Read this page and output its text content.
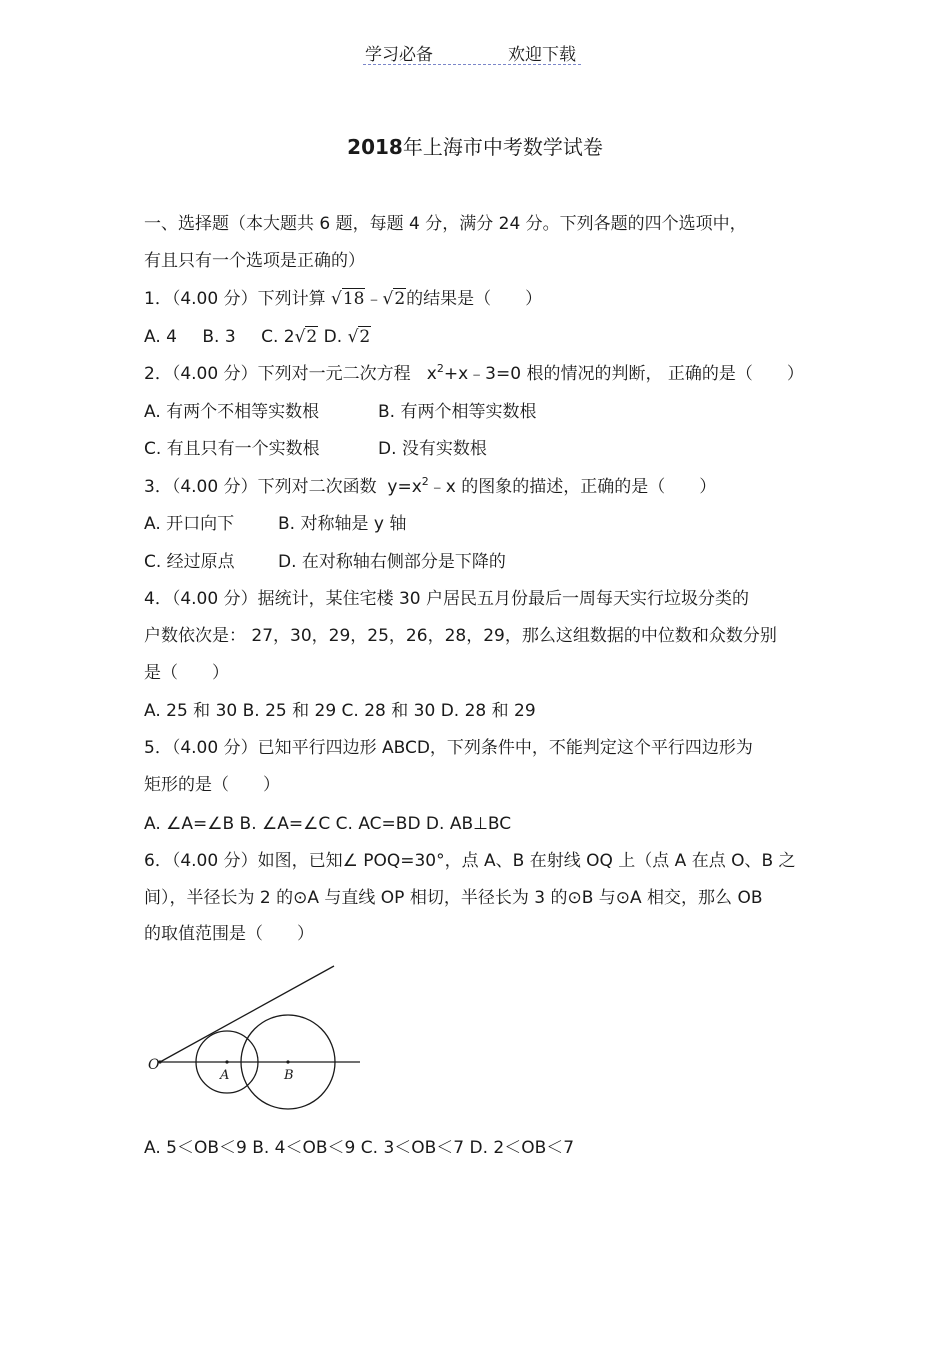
学习必备	欢迎下载
2018年上海市中考数学试卷
一、选择题（本大题共 6 题，每题 4 分，满分 24 分。下列各题的四个选项中，
有且只有一个选项是正确的）
1．（4.00 分）下列计算 √18﹣√2的结果是（　　）
A. 4 B. 3 C. 2√2 D. √2
2．（4.00 分）下列对一元二次方程 $x^2+x﹣3=0$ 根的情况的判断， 正确的是（　　）
A. 有两个不相等实数根	B. 有两个相等实数根
C. 有且只有一个实数根	D. 没有实数根
3．（4.00 分）下列对二次函数 $y=x^2﹣x$ 的图象的描述，正确的是（　　）
A. 开口向下	B. 对称轴是 y 轴
C. 经过原点	D. 在对称轴右侧部分是下降的
4．（4.00 分）据统计，某住宅楼 30 户居民五月份最后一周每天实行垃圾分类的
户数依次是： 27，30，29，25，26，28，29，那么这组数据的中位数和众数分别
是（　　）
A. 25 和 30 B. 25 和 29 C. 28 和 30 D. 28 和 29
5．（4.00 分）已知平行四边形 ABCD，下列条件中，不能判定这个平行四边形为
矩形的是（　　）
A. ∠A=∠B B. ∠A=∠C C. AC=BD D. AB⊥BC
6．（4.00 分）如图，已知∠ POQ=30°，点 A、B 在射线 OQ 上（点 A 在点 O、B 之
间），半径长为 2 的⊙A 与直线 OP 相切，半径长为 3 的⊙B 与⊙A 相交，那么 OB
的取值范围是（　　）
O
A	B
A. 5＜OB＜9 B. 4＜OB＜9 C. 3＜OB＜7 D. 2＜OB＜7
